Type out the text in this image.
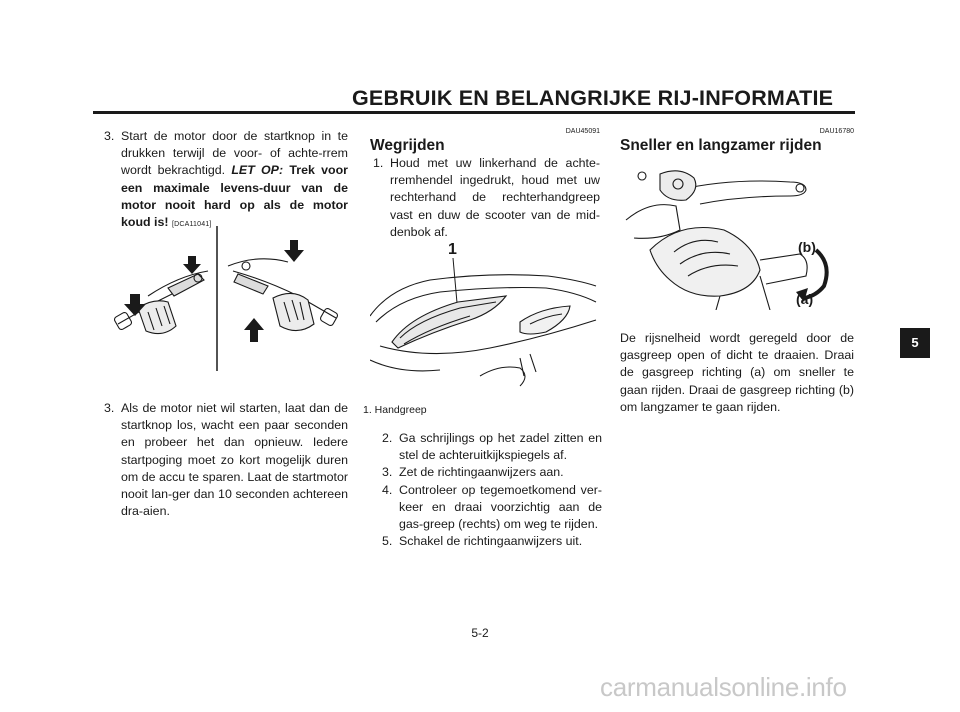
GEBRUIK EN BELANGRIJKE RIJ-INFORMATIE
3. Start de motor door de startknop in te drukken terwijl de voor- of achte-rrem wordt bekrachtigd. LET OP: Trek voor een maximale levens-duur van de motor nooit hard op als de motor koud is! [DCA11041]
3. Als de motor niet wil starten, laat dan de startknop los, wacht een paar seconden en probeer het dan opnieuw. Iedere startpoging moet zo kort mogelijk duren om de accu te sparen. Laat de startmotor nooit lan-ger dan 10 seconden achtereen dra-aien.
DAU45091
Wegrijden
1. Houd met uw linkerhand de achte-rremhendel ingedrukt, houd met uw rechterhand de rechterhandgreep vast en duw de scooter van de mid-denbok af.
1
1. Handgreep
2. Ga schrijlings op het zadel zitten en stel de achteruitkijkspiegels af.
3. Zet de richtingaanwijzers aan.
4. Controleer op tegemoetkomend ver-keer en draai voorzichtig aan de gas-greep (rechts) om weg te rijden.
5. Schakel de richtingaanwijzers uit.
DAU16780
Sneller en langzamer rijden
(b)
(a)
De rijsnelheid wordt geregeld door de gasgreep open of dicht te draaien. Draai de gasgreep richting (a) om sneller te gaan rijden. Draai de gasgreep richting (b) om langzamer te gaan rijden.
5
5-2
carmanualsonline.info
